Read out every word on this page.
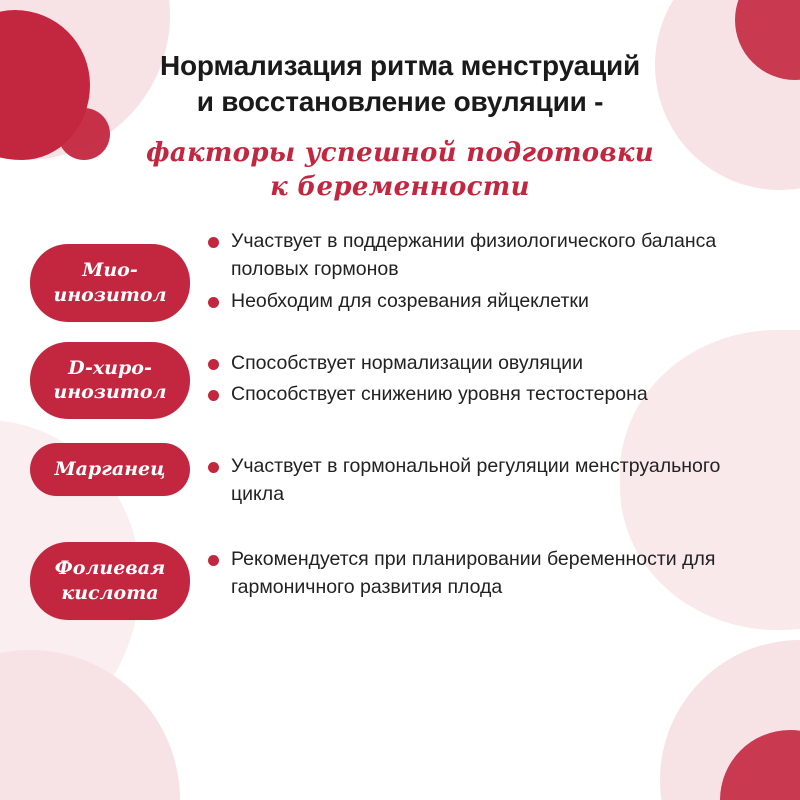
Нормализация ритма менструаций
и восстановление овуляции -
факторы успешной подготовки
к беременности
Мио-
инозитол
Участвует в поддержании физиологического баланса половых гормонов
Необходим для созревания яйцеклетки
D-хиро-
инозитол
Способствует нормализации овуляции
Способствует снижению уровня тестостерона
Марганец	Участвует в гормональной регуляции менструального цикла
Фолиевая
кислота
Рекомендуется при планировании беременности для гармоничного развития плода
